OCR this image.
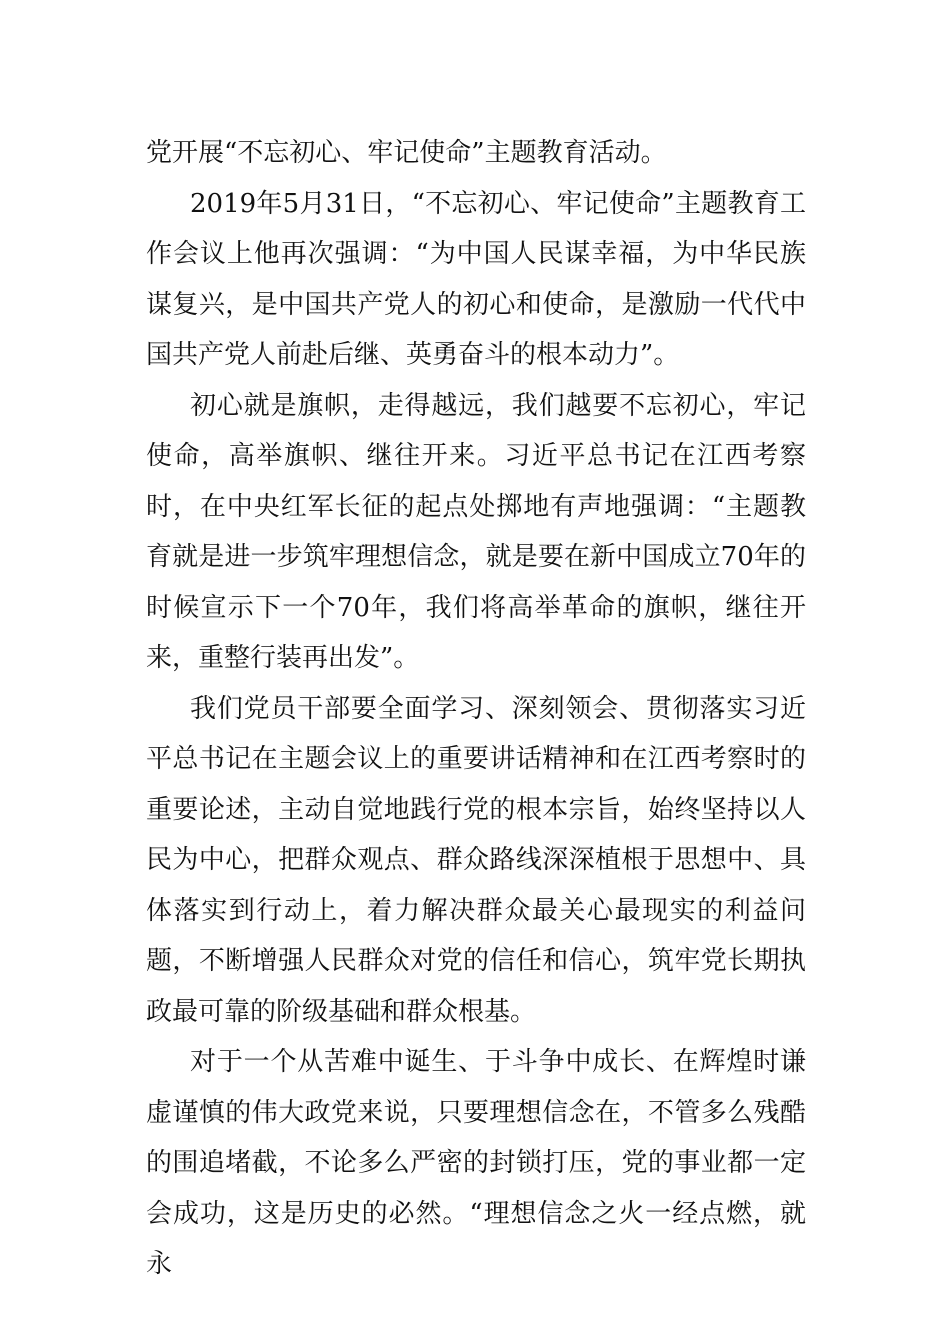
党开展“不忘初心、牢记使命”主题教育活动。

2019年5月31日，“不忘初心、牢记使命”主题教育工作会议上他再次强调：“为中国人民谋幸福，为中华民族谋复兴，是中国共产党人的初心和使命，是激励一代代中国共产党人前赴后继、英勇奋斗的根本动力”。

初心就是旗帜，走得越远，我们越要不忘初心，牢记使命，高举旗帜、继往开来。习近平总书记在江西考察时，在中央红军长征的起点处掷地有声地强调：“主题教育就是进一步筑牢理想信念，就是要在新中国成立70年的时候宣示下一个70年，我们将高举革命的旗帜，继往开来，重整行装再出发”。

我们党员干部要全面学习、深刻领会、贯彻落实习近平总书记在主题会议上的重要讲话精神和在江西考察时的重要论述，主动自觉地践行党的根本宗旨，始终坚持以人民为中心，把群众观点、群众路线深深植根于思想中、具体落实到行动上，着力解决群众最关心最现实的利益问题，不断增强人民群众对党的信任和信心，筑牢党长期执政最可靠的阶级基础和群众根基。

对于一个从苦难中诞生、于斗争中成长、在辉煌时谦虚谨慎的伟大政党来说，只要理想信念在，不管多么残酷的围追堵截，不论多么严密的封锁打压，党的事业都一定会成功，这是历史的必然。“理想信念之火一经点燃，就永
